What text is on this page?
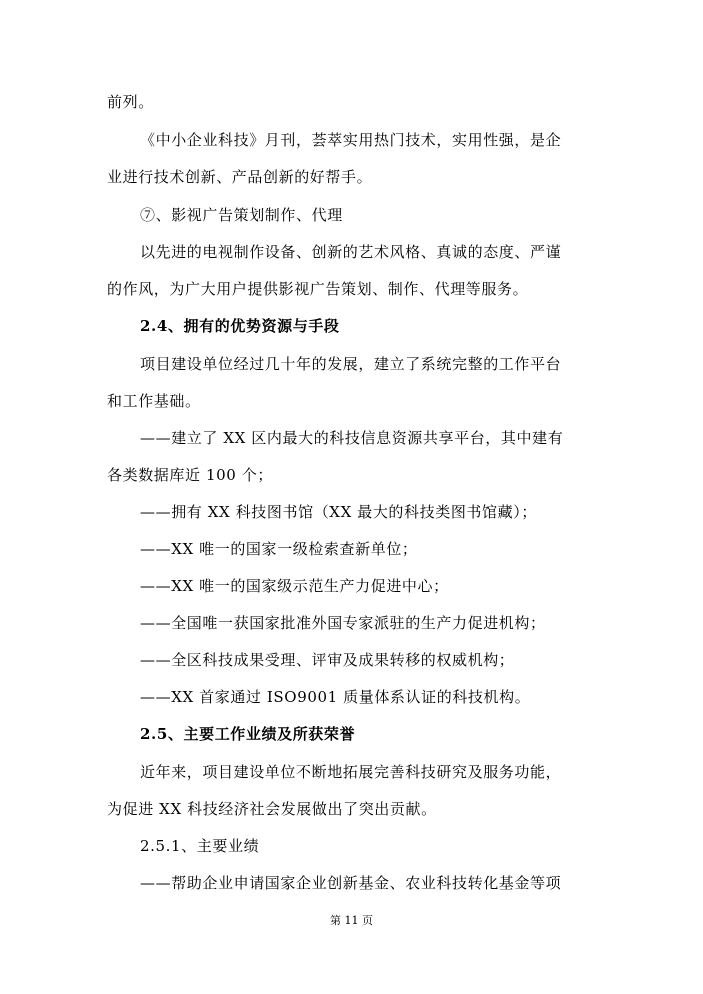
前列。
《中小企业科技》月刊，荟萃实用热门技术，实用性强，是企
业进行技术创新、产品创新的好帮手。
⑦、影视广告策划制作、代理
以先进的电视制作设备、创新的艺术风格、真诚的态度、严谨
的作风，为广大用户提供影视广告策划、制作、代理等服务。
2.4、拥有的优势资源与手段
项目建设单位经过几十年的发展，建立了系统完整的工作平台
和工作基础。
——建立了 XX 区内最大的科技信息资源共享平台，其中建有
各类数据库近 100 个；
——拥有 XX 科技图书馆（XX 最大的科技类图书馆藏）；
——XX 唯一的国家一级检索查新单位；
——XX 唯一的国家级示范生产力促进中心；
——全国唯一获国家批准外国专家派驻的生产力促进机构；
——全区科技成果受理、评审及成果转移的权威机构；
——XX 首家通过 ISO9001 质量体系认证的科技机构。
2.5、主要工作业绩及所获荣誉
近年来，项目建设单位不断地拓展完善科技研究及服务功能，
为促进 XX 科技经济社会发展做出了突出贡献。
2.5.1、主要业绩
——帮助企业申请国家企业创新基金、农业科技转化基金等项
第 11 页
